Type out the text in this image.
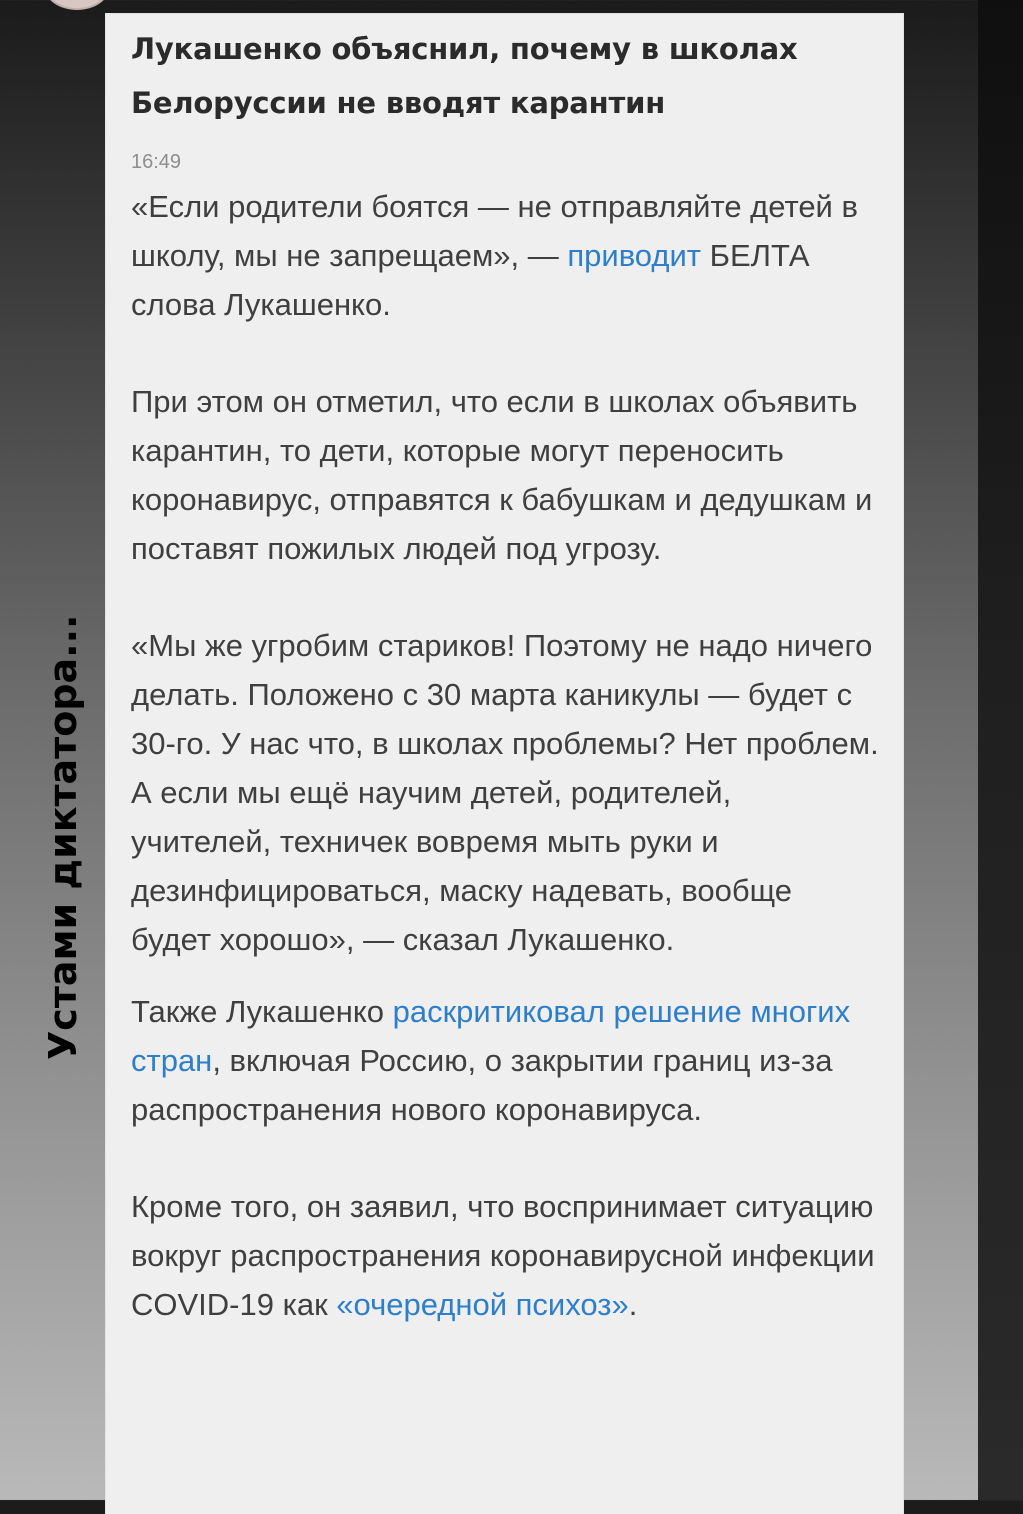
Устами диктатора...
Лукашенко объяснил, почему в школах Белоруссии не вводят карантин
16:49

«Если родители боятся — не отправляйте детей в школу, мы не запрещаем», — приводит БЕЛТА слова Лукашенко.

При этом он отметил, что если в школах объявить карантин, то дети, которые могут переносить коронавирус, отправятся к бабушкам и дедушкам и поставят пожилых людей под угрозу.

«Мы же угробим стариков! Поэтому не надо ничего делать. Положено с 30 марта каникулы — будет с 30-го. У нас что, в школах проблемы? Нет проблем. А если мы ещё научим детей, родителей, учителей, техничек вовремя мыть руки и дезинфицироваться, маску надевать, вообще будет хорошо», — сказал Лукашенко.

Также Лукашенко раскритиковал решение многих стран, включая Россию, о закрытии границ из-за распространения нового коронавируса.

Кроме того, он заявил, что воспринимает ситуацию вокруг распространения коронавирусной инфекции COVID-19 как «очередной психоз».
